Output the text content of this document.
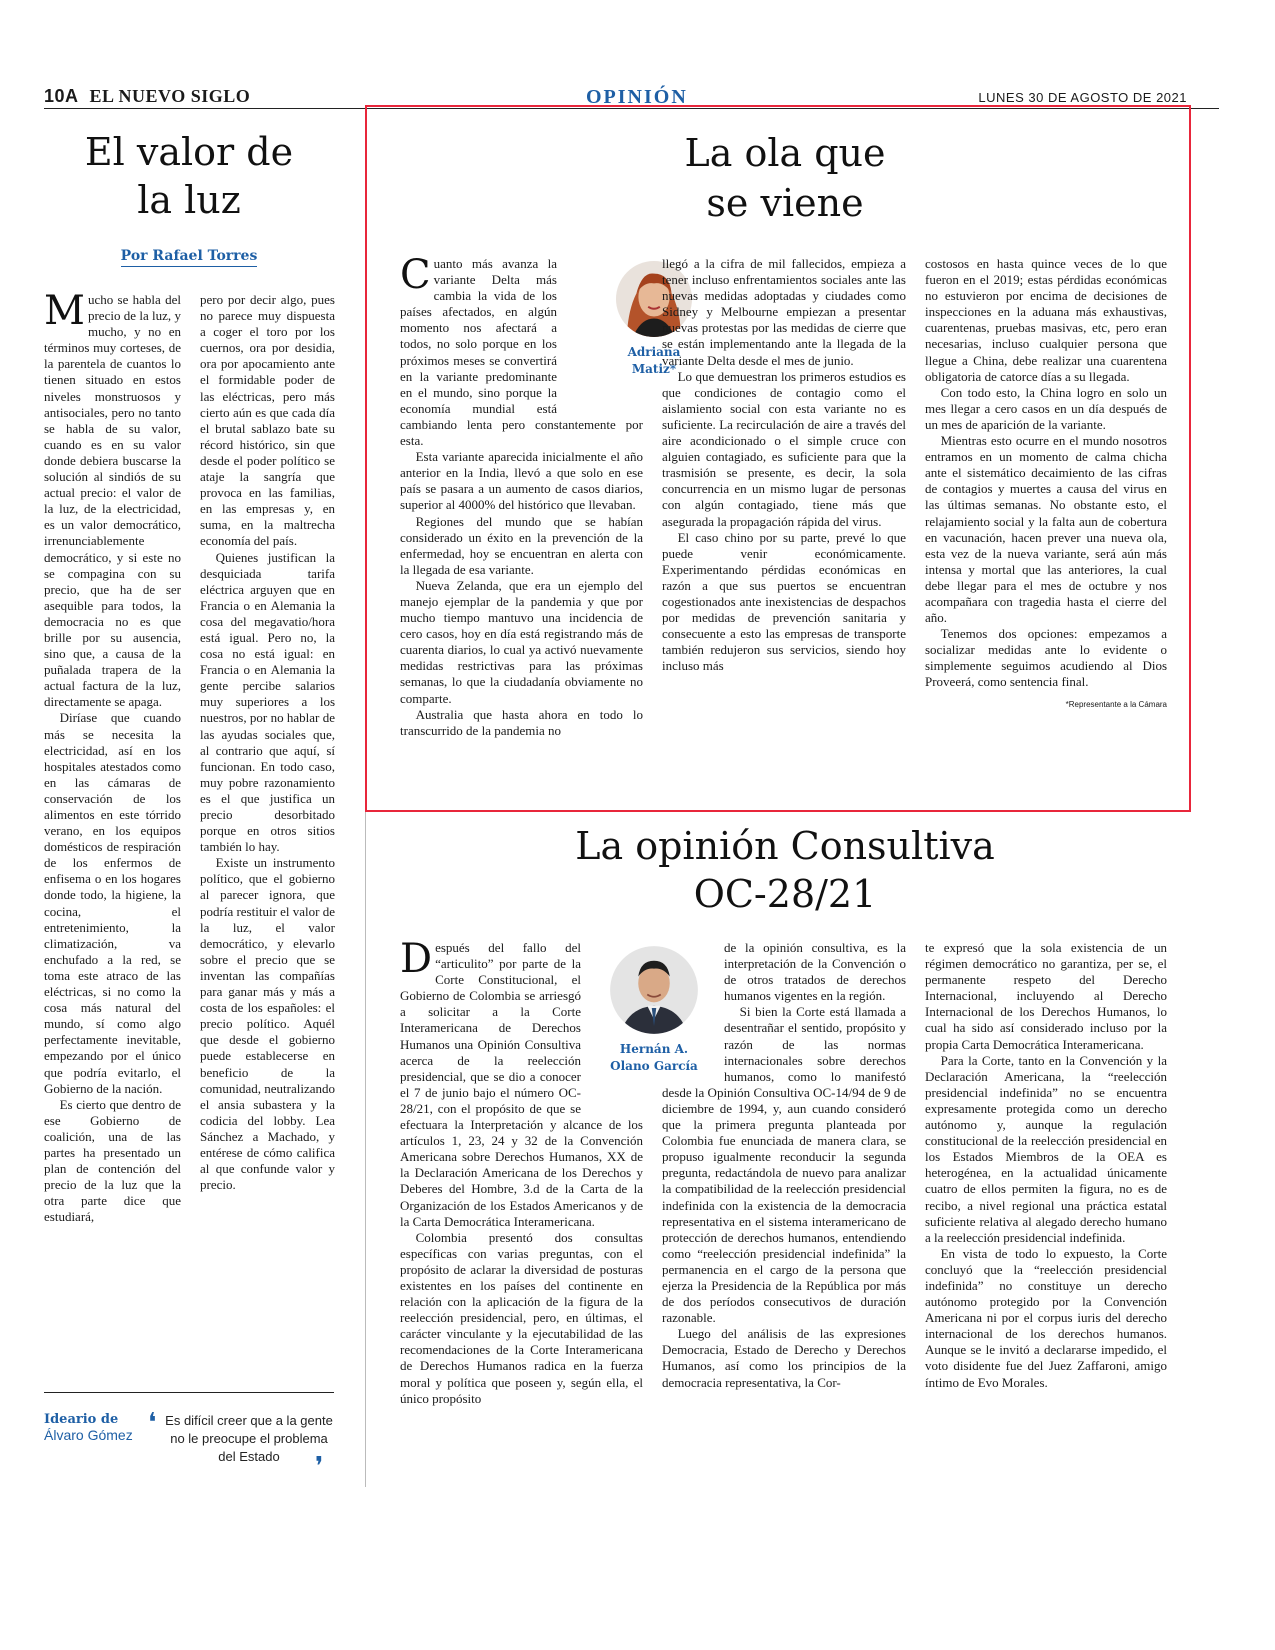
10A EL NUEVO SIGLO	OPINIÓN	LUNES 30 DE AGOSTO DE 2021
El valor de
la luz
Por Rafael Torres

Mucho se habla del precio de la luz, y mucho, y no en términos muy corteses, de la parentela de cuantos lo tienen situado en estos niveles monstruosos y antisociales, pero no tanto se habla de su valor, cuando es en su valor donde debiera buscarse la solución al sindiós de su actual precio: el valor de la luz, de la electricidad, es un valor democrático, irrenunciablemente democrático, y si este no se compagina con su precio, que ha de ser asequible para todos, la democracia no es que brille por su ausencia, sino que, a causa de la puñalada trapera de la actual factura de la luz, directamente se apaga.

Diríase que cuando más se necesita la electricidad, así en los hospitales atestados como en las cámaras de conservación de los alimentos en este tórrido verano, en los equipos domésticos de respiración de los enfermos de enfisema o en los hogares donde todo, la higiene, la cocina, el entretenimiento, la climatización, va enchufado a la red, se toma este atraco de las eléctricas, si no como la cosa más natural del mundo, sí como algo perfectamente inevitable, empezando por el único que podría evitarlo, el Gobierno de la nación.

Es cierto que dentro de ese Gobierno de coalición, una de las partes ha presentado un plan de contención del precio de la luz que la otra parte dice que estudiará,

pero por decir algo, pues no parece muy dispuesta a coger el toro por los cuernos, ora por desidia, ora por apocamiento ante el formidable poder de las eléctricas, pero más cierto aún es que cada día el brutal sablazo bate su récord histórico, sin que desde el poder político se ataje la sangría que provoca en las familias, en las empresas y, en suma, en la maltrecha economía del país.

Quienes justifican la desquiciada tarifa eléctrica arguyen que en Francia o en Alemania la cosa del megavatio/hora está igual. Pero no, la cosa no está igual: en Francia o en Alemania la gente percibe salarios muy superiores a los nuestros, por no hablar de las ayudas sociales que, al contrario que aquí, sí funcionan. En todo caso, muy pobre razonamiento es el que justifica un precio desorbitado porque en otros sitios también lo hay.

Existe un instrumento político, que el gobierno al parecer ignora, que podría restituir el valor de la luz, el valor democrático, y elevarlo sobre el precio que se inventan las compañías para ganar más y más a costa de los españoles: el precio político. Aquél que desde el gobierno puede establecerse en beneficio de la comunidad, neutralizando el ansia subastera y la codicia del lobby. Lea Sánchez a Machado, y entérese de cómo califica al que confunde valor y precio.

Ideario de
Álvaro Gómez ❛ Es difícil creer que a la gente no le preocupe el problema del Estado	❜
La ola que
se viene

Cuanto más avanza la variante Delta más cambia la vida de los países afectados, en algún momento nos afectará a todos, no solo porque en los próximos meses se convertirá en la variante predominante en el mundo, sino porque la economía mundial está cambiando lenta pero constantemente por esta.

Esta variante aparecida inicialmente el año anterior en la India, llevó a que solo en ese país se pasara a un aumento de casos diarios, superior al 4000% del histórico que llevaban.

Regiones del mundo que se habían considerado un éxito en la prevención de la enfermedad, hoy se encuentran en alerta con la llegada de esa variante.

Nueva Zelanda, que era un ejemplo del manejo ejemplar de la pandemia y que por mucho tiempo mantuvo una incidencia de cero casos, hoy en día está registrando más de cuarenta diarios, lo cual ya activó nuevamente medidas restrictivas para las próximas semanas, lo que la ciudadanía obviamente no comparte.

Australia que hasta ahora en todo lo transcurrido de la pandemia no

Adriana
Matiz*

llegó a la cifra de mil fallecidos, empieza a tener incluso enfrentamientos sociales ante las nuevas medidas adoptadas y ciudades como Sidney y Melbourne empiezan a presentar nuevas protestas por las medidas de cierre que se están implementando ante la llegada de la variante Delta desde el mes de junio.

Lo que demuestran los primeros estudios es que condiciones de contagio como el aislamiento social con esta variante no es suficiente. La recirculación de aire a través del aire acondicionado o el simple cruce con alguien contagiado, es suficiente para que la trasmisión se presente, es decir, la sola concurrencia en un mismo lugar de personas con algún contagiado, tiene más que asegurada la propagación rápida del virus.

El caso chino por su parte, prevé lo que puede venir económicamente. Experimentando pérdidas económicas en razón a que sus puertos se encuentran cogestionados ante inexistencias de despachos por medidas de prevención sanitaria y consecuente a esto las empresas de transporte también redujeron sus servicios, siendo hoy incluso más

costosos en hasta quince veces de lo que fueron en el 2019; estas pérdidas económicas no estuvieron por encima de decisiones de inspecciones en la aduana más exhaustivas, cuarentenas, pruebas masivas, etc, pero eran necesarias, incluso cualquier persona que llegue a China, debe realizar una cuarentena obligatoria de catorce días a su llegada.

Con todo esto, la China logro en solo un mes llegar a cero casos en un día después de un mes de aparición de la variante.

Mientras esto ocurre en el mundo nosotros entramos en un momento de calma chicha ante el sistemático decaimiento de las cifras de contagios y muertes a causa del virus en las últimas semanas. No obstante esto, el relajamiento social y la falta aun de cobertura en vacunación, hacen prever una nueva ola, esta vez de la nueva variante, será aún más intensa y mortal que las anteriores, la cual debe llegar para el mes de octubre y nos acompañara con tragedia hasta el cierre del año.

Tenemos dos opciones: empezamos a socializar medidas ante lo evidente o simplemente seguimos acudiendo al Dios Proveerá, como sentencia final.

*Representante a la Cámara
La opinión Consultiva
OC-28/21

Después del fallo del “articulito” por parte de la Corte Constitucional, el Gobierno de Colombia se arriesgó a solicitar a la Corte Interamericana de Derechos Humanos una Opinión Consultiva acerca de la reelección presidencial, que se dio a conocer el 7 de junio bajo el número OC-28/21, con el propósito de que se efectuara la Interpretación y alcance de los artículos 1, 23, 24 y 32 de la Convención Americana sobre Derechos Humanos, XX de la Declaración Americana de los Derechos y Deberes del Hombre, 3.d de la Carta de la Organización de los Estados Americanos y de la Carta Democrática Interamericana.

Colombia presentó dos consultas específicas con varias preguntas, con el propósito de aclarar la diversidad de posturas existentes en los países del continente en relación con la aplicación de la figura de la reelección presidencial, pero, en últimas, el carácter vinculante y la ejecutabilidad de las recomendaciones de la Corte Interamericana de Derechos Humanos radica en la fuerza moral y política que poseen y, según ella, el único propósito

Hernán A.
Olano García

de la opinión consultiva, es la interpretación de la Convención o de otros tratados de derechos humanos vigentes en la región.

Si bien la Corte está llamada a desentrañar el sentido, propósito y razón de las normas internacionales sobre derechos humanos, como lo manifestó desde la Opinión Consultiva OC-14/94 de 9 de diciembre de 1994, y, aun cuando consideró que la primera pregunta planteada por Colombia fue enunciada de manera clara, se propuso igualmente reconducir la segunda pregunta, redactándola de nuevo para analizar la compatibilidad de la reelección presidencial indefinida con la existencia de la democracia representativa en el sistema interamericano de protección de derechos humanos, entendiendo como “reelección presidencial indefinida” la permanencia en el cargo de la persona que ejerza la Presidencia de la República por más de dos períodos consecutivos de duración razonable.

Luego del análisis de las expresiones Democracia, Estado de Derecho y Derechos Humanos, así como los principios de la democracia representativa, la Cor-

te expresó que la sola existencia de un régimen democrático no garantiza, per se, el permanente respeto del Derecho Internacional, incluyendo al Derecho Internacional de los Derechos Humanos, lo cual ha sido así considerado incluso por la propia Carta Democrática Interamericana.

Para la Corte, tanto en la Convención y la Declaración Americana, la “reelección presidencial indefinida” no se encuentra expresamente protegida como un derecho autónomo y, aunque la regulación constitucional de la reelección presidencial en los Estados Miembros de la OEA es heterogénea, en la actualidad únicamente cuatro de ellos permiten la figura, no es de recibo, a nivel regional una práctica estatal suficiente relativa al alegado derecho humano a la reelección presidencial indefinida.

En vista de todo lo expuesto, la Corte concluyó que la “reelección presidencial indefinida” no constituye un derecho autónomo protegido por la Convención Americana ni por el corpus iuris del derecho internacional de los derechos humanos. Aunque se le invitó a declararse impedido, el voto disidente fue del Juez Zaffaroni, amigo íntimo de Evo Morales.
